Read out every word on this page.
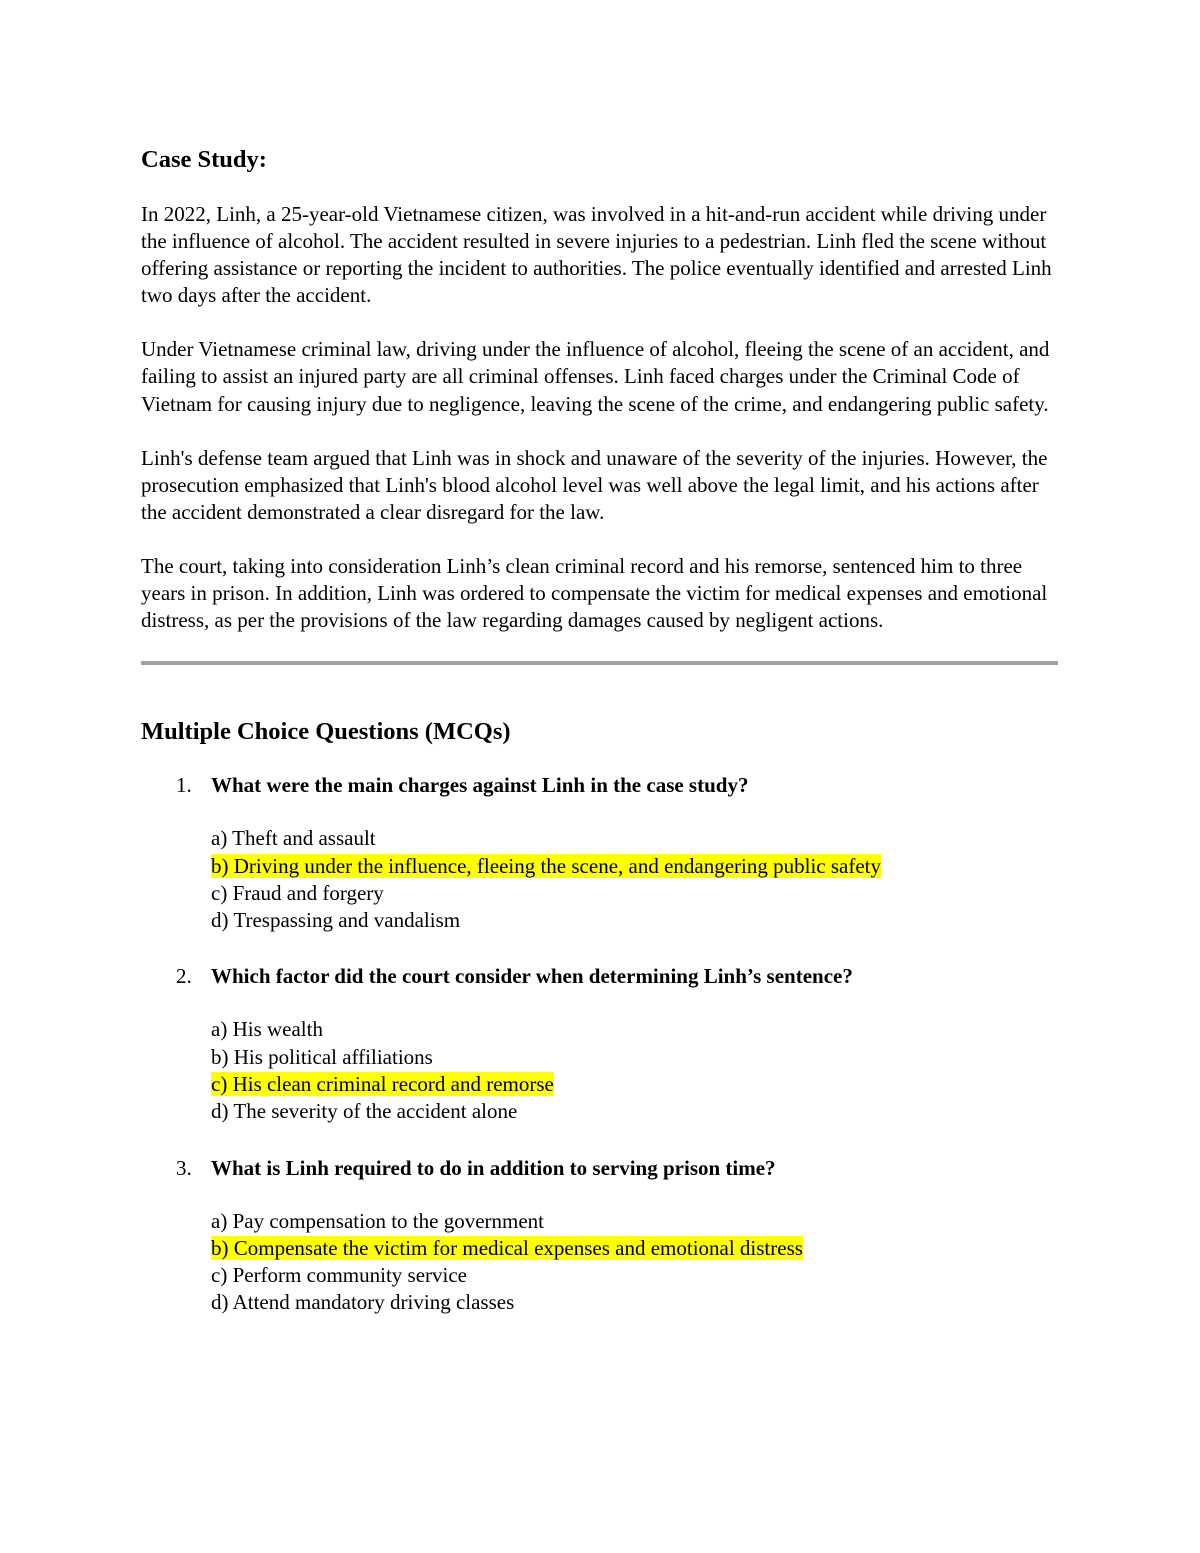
Case Study:

In 2022, Linh, a 25-year-old Vietnamese citizen, was involved in a hit-and-run accident while driving under the influence of alcohol. The accident resulted in severe injuries to a pedestrian. Linh fled the scene without offering assistance or reporting the incident to authorities. The police eventually identified and arrested Linh two days after the accident.

Under Vietnamese criminal law, driving under the influence of alcohol, fleeing the scene of an accident, and failing to assist an injured party are all criminal offenses. Linh faced charges under the Criminal Code of Vietnam for causing injury due to negligence, leaving the scene of the crime, and endangering public safety.

Linh's defense team argued that Linh was in shock and unaware of the severity of the injuries. However, the prosecution emphasized that Linh's blood alcohol level was well above the legal limit, and his actions after the accident demonstrated a clear disregard for the law.

The court, taking into consideration Linh’s clean criminal record and his remorse, sentenced him to three years in prison. In addition, Linh was ordered to compensate the victim for medical expenses and emotional distress, as per the provisions of the law regarding damages caused by negligent actions.

Multiple Choice Questions (MCQs)
1. What were the main charges against Linh in the case study?

a) Theft and assault

b) Driving under the influence, fleeing the scene, and endangering public safety

c) Fraud and forgery

d) Trespassing and vandalism

2. Which factor did the court consider when determining Linh’s sentence?

a) His wealth

b) His political affiliations

c) His clean criminal record and remorse

d) The severity of the accident alone

3. What is Linh required to do in addition to serving prison time?

a) Pay compensation to the government

b) Compensate the victim for medical expenses and emotional distress

c) Perform community service

d) Attend mandatory driving classes
